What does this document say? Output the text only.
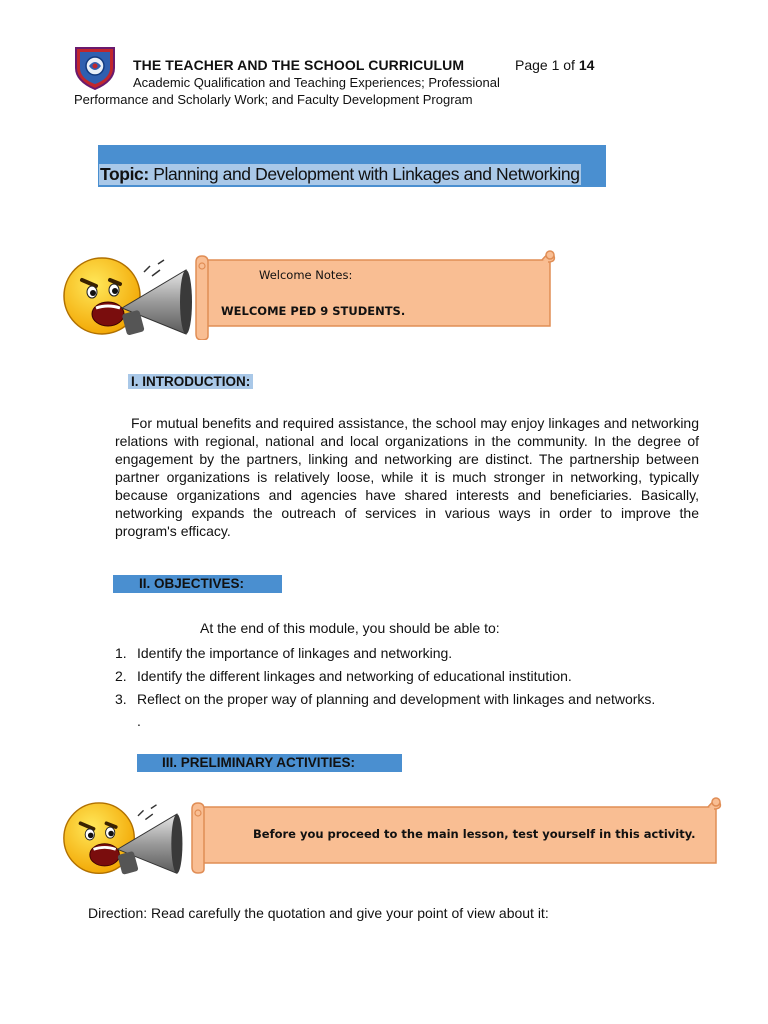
THE TEACHER AND THE SCHOOL CURRICULUM	Page 1 of 14
Academic Qualification and Teaching Experiences; Professional
Performance and Scholarly Work; and Faculty Development Program
Topic: Planning and Development with Linkages and Networking
Welcome Notes:
WELCOME PED 9 STUDENTS.
I. INTRODUCTION:
For mutual benefits and required assistance, the school may enjoy linkages and networking relations with regional, national and local organizations in the community. In the degree of engagement by the partners, linking and networking are distinct. The partnership between partner organizations is relatively loose, while it is much stronger in networking, typically because organizations and agencies have shared interests and beneficiaries. Basically, networking expands the outreach of services in various ways in order to improve the program's efficacy.
II. OBJECTIVES:
At the end of this module, you should be able to:
1. Identify the importance of linkages and networking.
2. Identify the different linkages and networking of educational institution.
3. Reflect on the proper way of planning and development with linkages and networks.
.
III. PRELIMINARY ACTIVITIES:
Before you proceed to the main lesson, test yourself in this activity.
Direction: Read carefully the quotation and give your point of view about it:
